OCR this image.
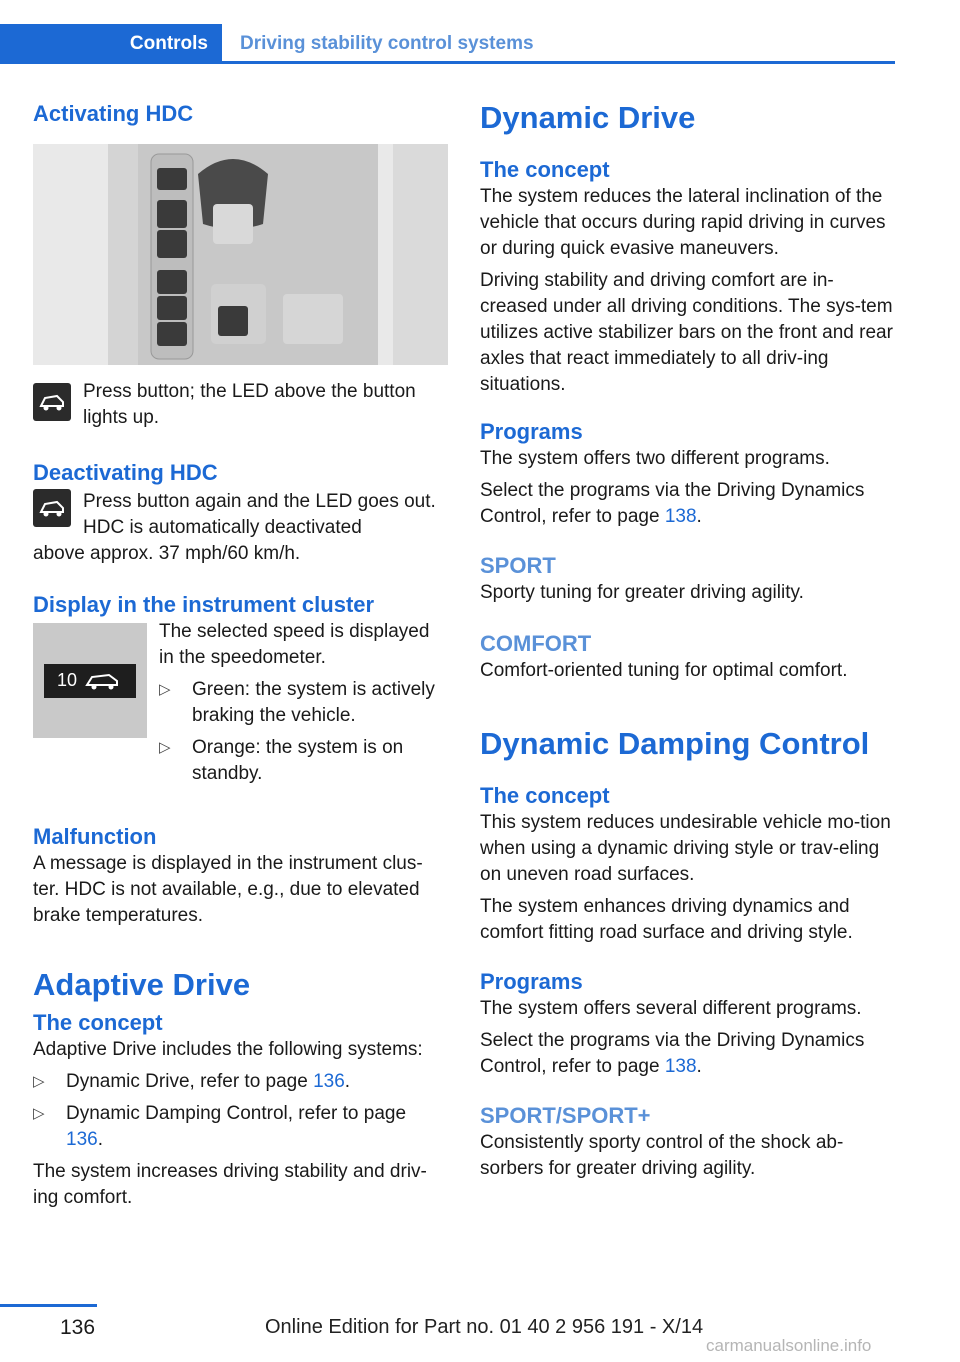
Controls	Driving stability control systems
Activating HDC

Press button; the LED above the button lights up.

Deactivating HDC

Press button again and the LED goes out. HDC is automatically deactivated

above approx. 37 mph/60 km/h.

Display in the instrument cluster
10

The selected speed is displayed in the speedometer.

▷ Green: the system is actively braking the vehicle.
▷ Orange: the system is on standby.
Malfunction

A message is displayed in the instrument clus-ter. HDC is not available, e.g., due to elevated brake temperatures.

Adaptive Drive
The concept

Adaptive Drive includes the following systems:

▷ Dynamic Drive, refer to page 136.
▷ Dynamic Damping Control, refer to page 136.

The system increases driving stability and driv-ing comfort.

Dynamic Drive
The concept

The system reduces the lateral inclination of the vehicle that occurs during rapid driving in curves or during quick evasive maneuvers.

Driving stability and driving comfort are in-creased under all driving conditions. The sys-tem utilizes active stabilizer bars on the front and rear axles that react immediately to all driv-ing situations.

Programs

The system offers two different programs.

Select the programs via the Driving Dynamics Control, refer to page 138.

SPORT

Sporty tuning for greater driving agility.

COMFORT

Comfort-oriented tuning for optimal comfort.

Dynamic Damping Control
The concept

This system reduces undesirable vehicle mo-tion when using a dynamic driving style or trav-eling on uneven road surfaces.

The system enhances driving dynamics and comfort fitting road surface and driving style.

Programs

The system offers several different programs.

Select the programs via the Driving Dynamics Control, refer to page 138.

SPORT/SPORT+

Consistently sporty control of the shock ab-sorbers for greater driving agility.

136	Online Edition for Part no. 01 40 2 956 191 - X/14
carmanualsonline.info
